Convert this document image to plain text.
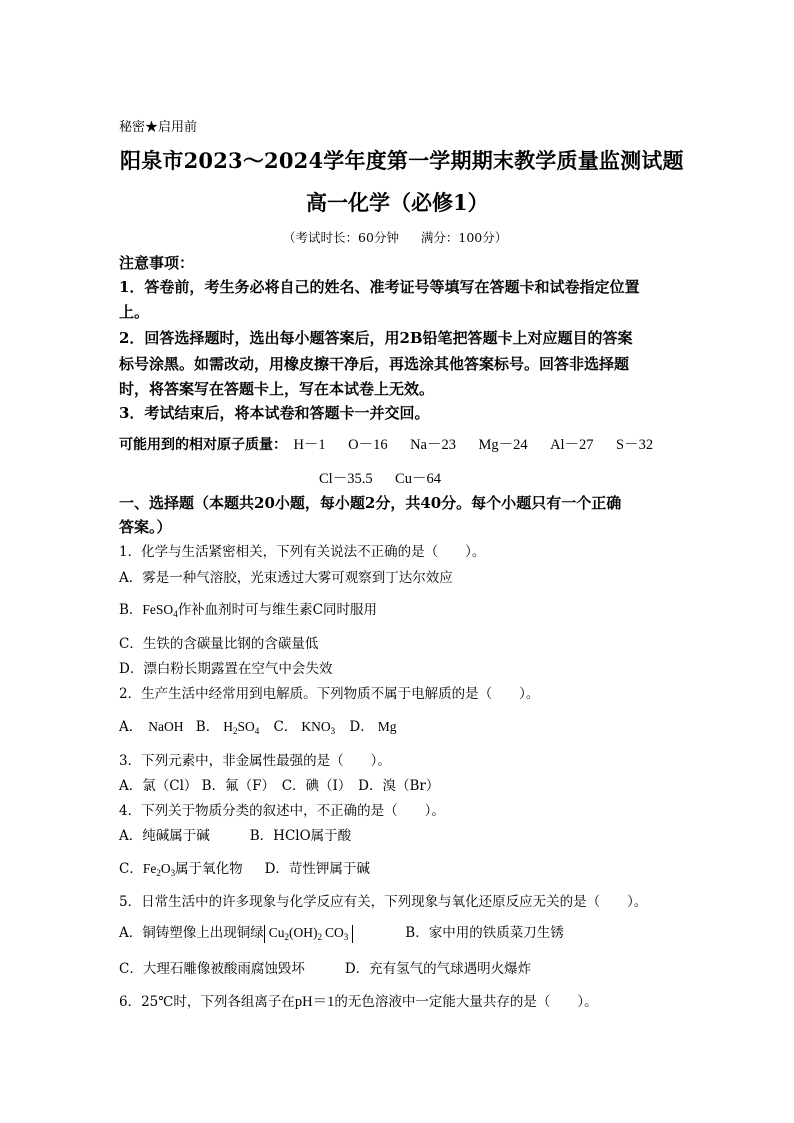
秘密★启用前
阳泉市2023～2024学年度第一学期期末教学质量监测试题
高一化学（必修1）
（考试时长：60分钟 满分：100分）
注意事项：
1．答卷前，考生务必将自己的姓名、准考证号等填写在答题卡和试卷指定位置
上。
2．回答选择题时，选出每小题答案后，用2B铅笔把答题卡上对应题目的答案
标号涂黑。如需改动，用橡皮擦干净后，再选涂其他答案标号。回答非选择题
时，将答案写在答题卡上，写在本试卷上无效。
3．考试结束后，将本试卷和答题卡一并交回。
可能用到的相对原子质量： H－1 O－16 Na－23 Mg－24 Al－27 S－32
Cl－35.5 Cu－64
一、选择题（本题共20小题，每小题2分，共40分。每个小题只有一个正确
答案。）
1．化学与生活紧密相关，下列有关说法不正确的是（　　）。
A．雾是一种气溶胶，光束透过大雾可观察到丁达尔效应
B．FeSO$_4$作补血剂时可与维生素C同时服用
C．生铁的含碳量比钢的含碳量低
D．漂白粉长期露置在空气中会失效
2．生产生活中经常用到电解质。下列物质不属于电解质的是（　　）。
A． NaOH B． $H_2SO_4$ C． $KNO_3$ D． Mg
3．下列元素中，非金属性最强的是（　　）。
A．氯（Cl） B．氟（F）　C．碘（I）　D．溴（Br）
4．下列关于物质分类的叙述中，不正确的是（　　）。
A．纯碱属于碱	B．HClO属于酸
C．$Fe_2O_3$属于氧化物 D．苛性钾属于碱
5．日常生活中的许多现象与化学反应有关，下列现象与氧化还原反应无关的是（　　）。
A．铜铸塑像上出现铜绿 $Cu_2(OH)_2$ $CO_3$	B．家中用的铁质菜刀生锈
C．大理石雕像被酸雨腐蚀毁坏	D．充有氢气的气球遇明火爆炸
6．25℃时，下列各组离子在pH＝1的无色溶液中一定能大量共存的是（　　）。
